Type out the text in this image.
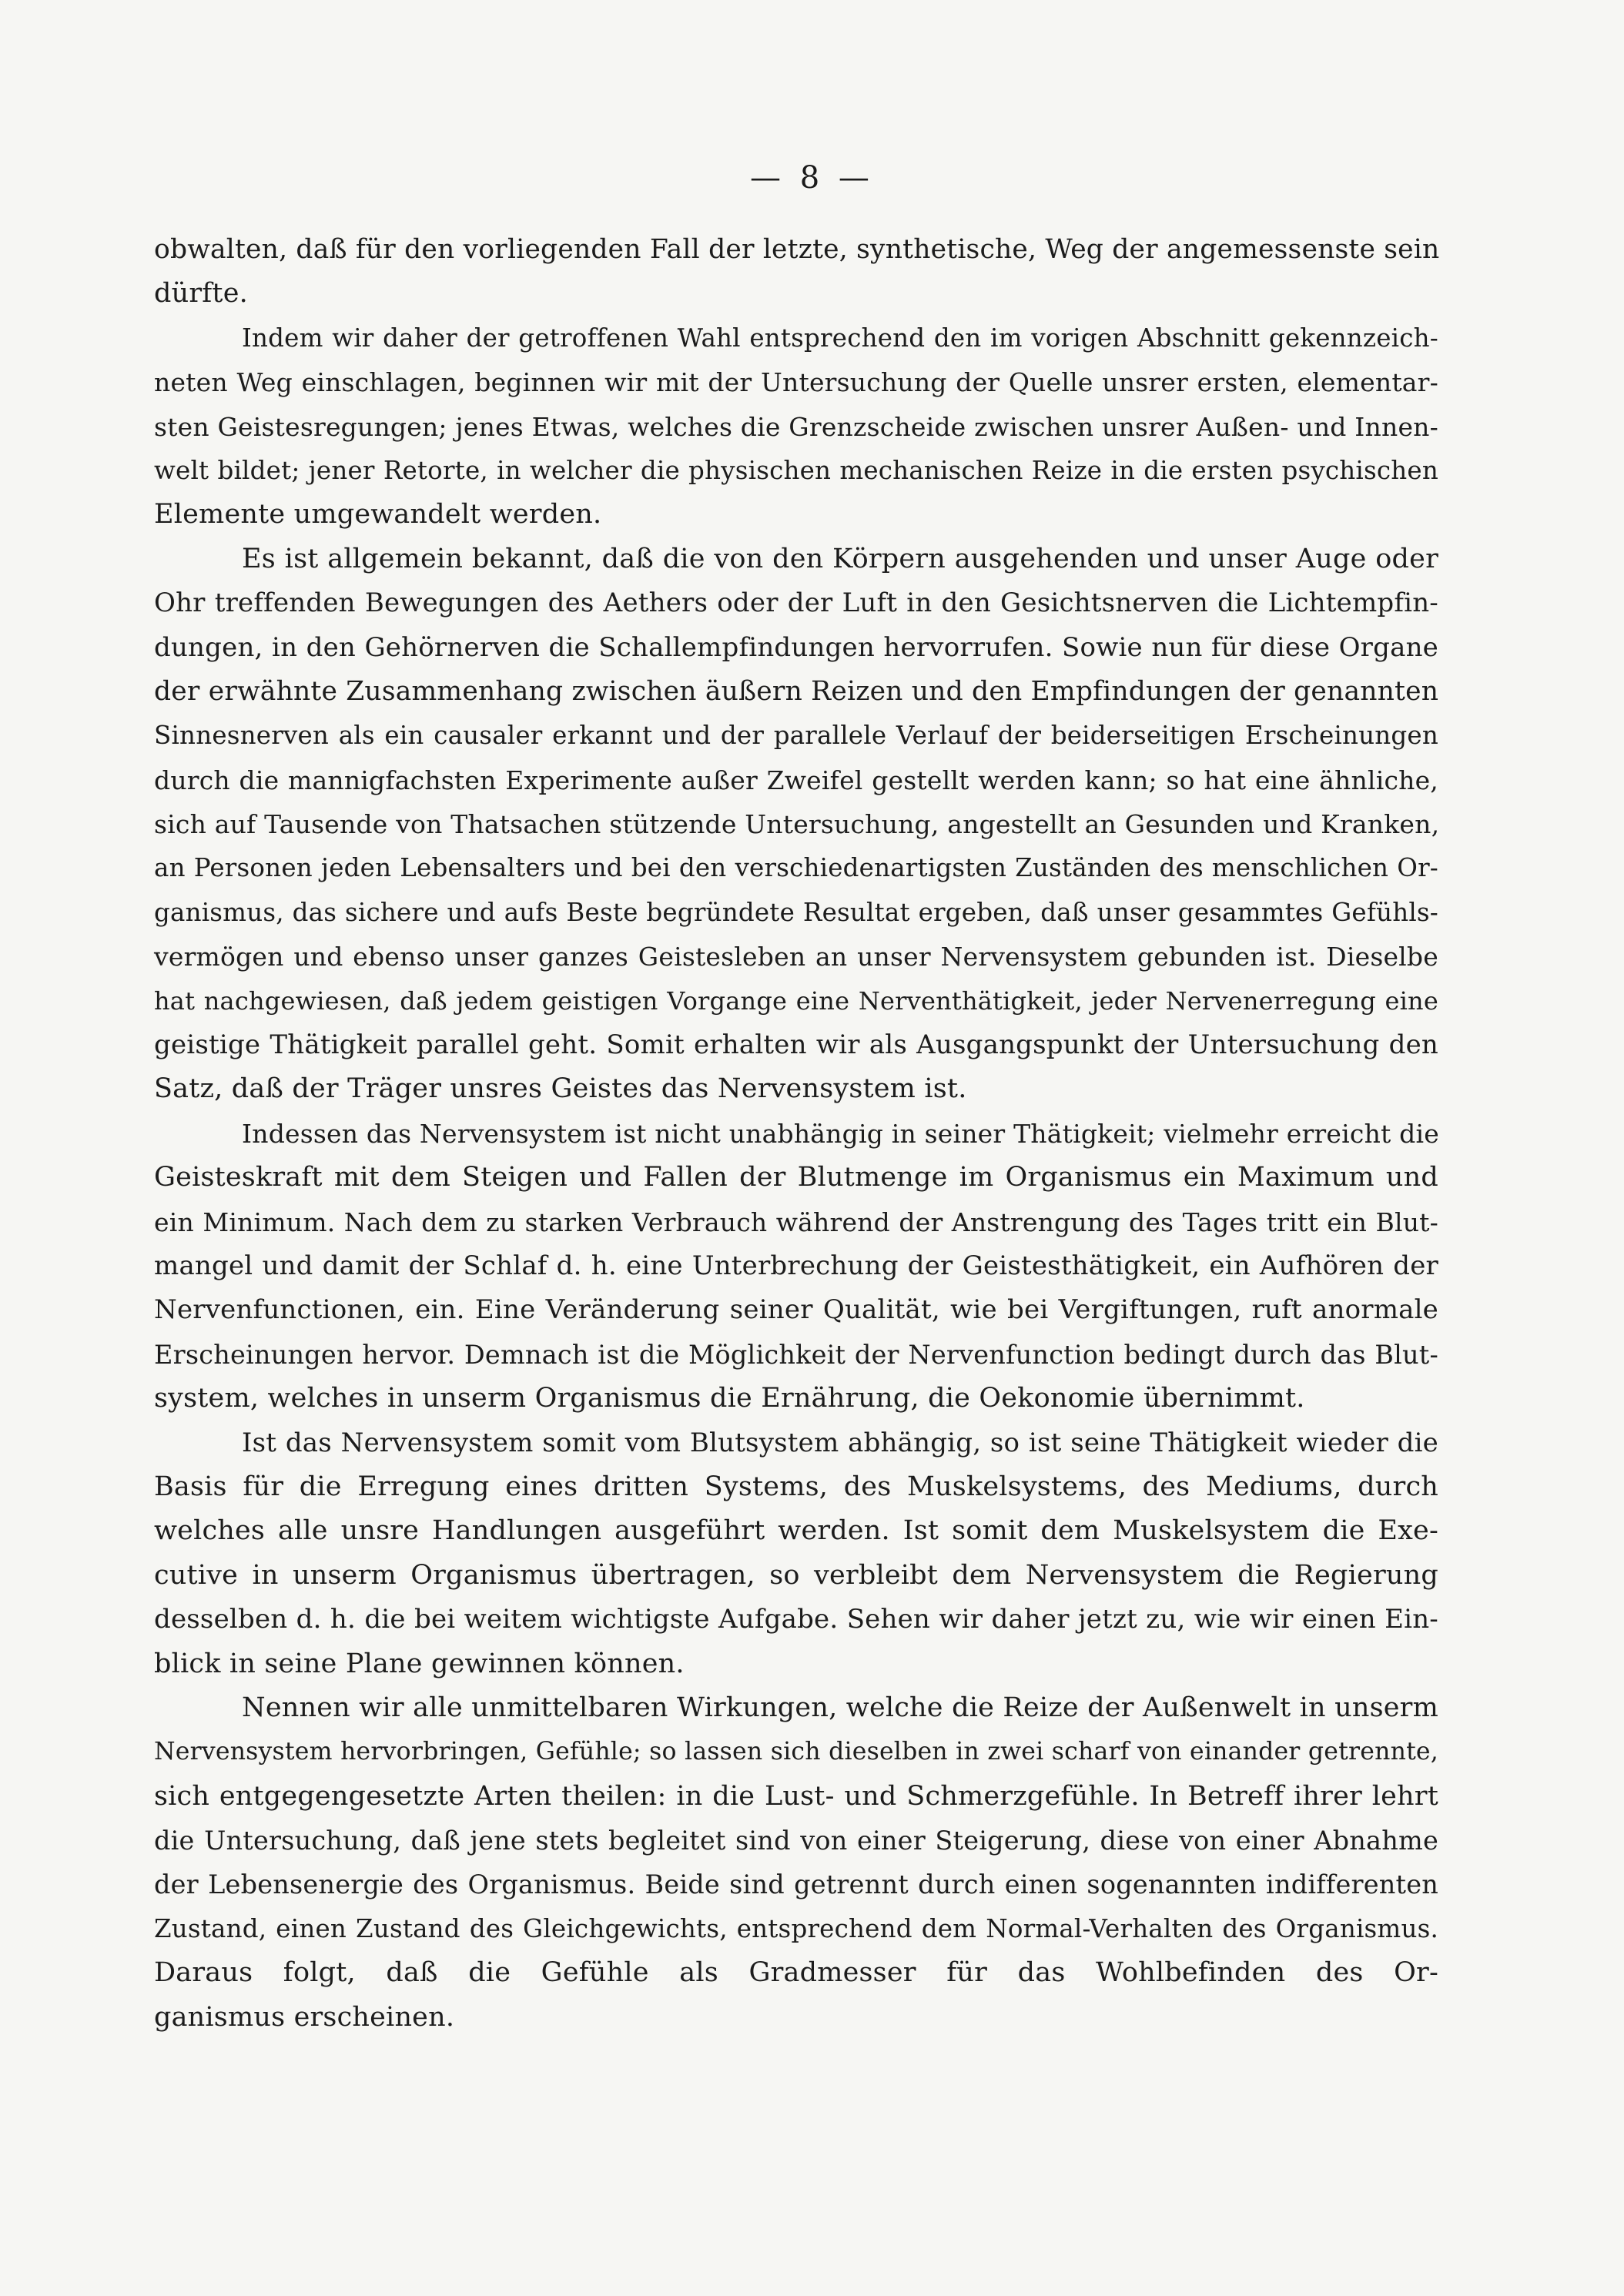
— 8 —
obwalten, daß für den vorliegenden Fall der letzte, synthetische, Weg der angemessenste sein
dürfte.
Indem wir daher der getroffenen Wahl entsprechend den im vorigen Abschnitt gekennzeich-
neten Weg einschlagen, beginnen wir mit der Untersuchung der Quelle unsrer ersten, elementar-
sten Geistesregungen; jenes Etwas, welches die Grenzscheide zwischen unsrer Außen- und Innen-
welt bildet; jener Retorte, in welcher die physischen mechanischen Reize in die ersten psychischen
Elemente umgewandelt werden.
Es ist allgemein bekannt, daß die von den Körpern ausgehenden und unser Auge oder
Ohr treffenden Bewegungen des Aethers oder der Luft in den Gesichtsnerven die Lichtempfin-
dungen, in den Gehörnerven die Schallempfindungen hervorrufen. Sowie nun für diese Organe
der erwähnte Zusammenhang zwischen äußern Reizen und den Empfindungen der genannten
Sinnesnerven als ein causaler erkannt und der parallele Verlauf der beiderseitigen Erscheinungen
durch die mannigfachsten Experimente außer Zweifel gestellt werden kann; so hat eine ähnliche,
sich auf Tausende von Thatsachen stützende Untersuchung, angestellt an Gesunden und Kranken,
an Personen jeden Lebensalters und bei den verschiedenartigsten Zuständen des menschlichen Or-
ganismus, das sichere und aufs Beste begründete Resultat ergeben, daß unser gesammtes Gefühls-
vermögen und ebenso unser ganzes Geistesleben an unser Nervensystem gebunden ist. Dieselbe
hat nachgewiesen, daß jedem geistigen Vorgange eine Nerventhätigkeit, jeder Nervenerregung eine
geistige Thätigkeit parallel geht. Somit erhalten wir als Ausgangspunkt der Untersuchung den
Satz, daß der Träger unsres Geistes das Nervensystem ist.
Indessen das Nervensystem ist nicht unabhängig in seiner Thätigkeit; vielmehr erreicht die
Geisteskraft mit dem Steigen und Fallen der Blutmenge im Organismus ein Maximum und
ein Minimum. Nach dem zu starken Verbrauch während der Anstrengung des Tages tritt ein Blut-
mangel und damit der Schlaf d. h. eine Unterbrechung der Geistesthätigkeit, ein Aufhören der
Nervenfunctionen, ein. Eine Veränderung seiner Qualität, wie bei Vergiftungen, ruft anormale
Erscheinungen hervor. Demnach ist die Möglichkeit der Nervenfunction bedingt durch das Blut-
system, welches in unserm Organismus die Ernährung, die Oekonomie übernimmt.
Ist das Nervensystem somit vom Blutsystem abhängig, so ist seine Thätigkeit wieder die
Basis für die Erregung eines dritten Systems, des Muskelsystems, des Mediums, durch
welches alle unsre Handlungen ausgeführt werden. Ist somit dem Muskelsystem die Exe-
cutive in unserm Organismus übertragen, so verbleibt dem Nervensystem die Regierung
desselben d. h. die bei weitem wichtigste Aufgabe. Sehen wir daher jetzt zu, wie wir einen Ein-
blick in seine Plane gewinnen können.
Nennen wir alle unmittelbaren Wirkungen, welche die Reize der Außenwelt in unserm
Nervensystem hervorbringen, Gefühle; so lassen sich dieselben in zwei scharf von einander getrennte,
sich entgegengesetzte Arten theilen: in die Lust- und Schmerzgefühle. In Betreff ihrer lehrt
die Untersuchung, daß jene stets begleitet sind von einer Steigerung, diese von einer Abnahme
der Lebensenergie des Organismus. Beide sind getrennt durch einen sogenannten indifferenten
Zustand, einen Zustand des Gleichgewichts, entsprechend dem Normal-Verhalten des Organismus.
Daraus folgt, daß die Gefühle als Gradmesser für das Wohlbefinden des Or-
ganismus erscheinen.
